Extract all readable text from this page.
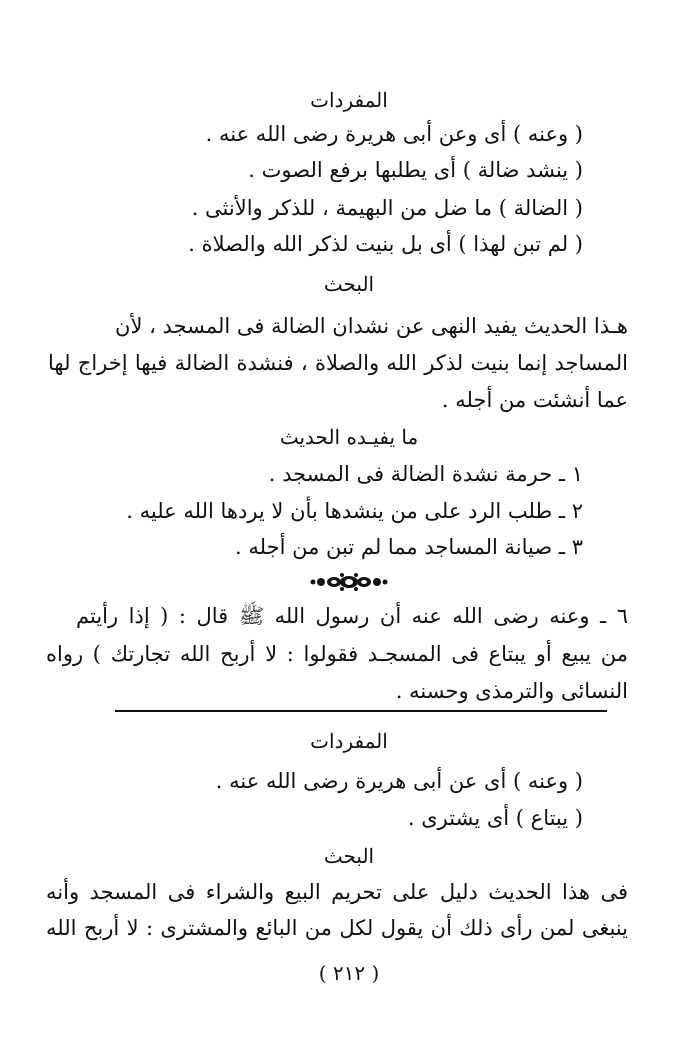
المفردات
( وعنه ) أى وعن أبى هريرة رضى الله عنه .
( ينشد ضالة ) أى يطلبها برفع الصوت .
( الضالة ) ما ضل من البهيمة ، للذكر والأنثى .
( لم تبن لهذا ) أى بل بنيت لذكر الله والصلاة .
البحث
هـذا الحديث يفيد النهى عن نشدان الضالة فى المسجد ، لأن
المساجد إنما بنيت لذكر الله والصلاة ، فنشدة الضالة فيها إخراج لها
عما أنشئت من أجله .
ما يفيـده الحديث
١ ـ حرمة نشدة الضالة فى المسجد .
٢ ـ طلب الرد على من ينشدها بأن لا يردها الله عليه .
٣ ـ صيانة المساجد مما لم تبن من أجله .
٦ ـ وعنه رضى الله عنه أن رسول الله ﷺ قال : ( إذا رأيتم
من يبيع أو يبتاع فى المسجـد فقولوا : لا أربح الله تجارتك ) رواه
النسائى والترمذى وحسنه .
المفردات
( وعنه ) أى عن أبى هريرة رضى الله عنه .
( يبتاع ) أى يشترى .
البحث
فى هذا الحديث دليل على تحريم البيع والشراء فى المسجد وأنه
ينبغى لمن رأى ذلك أن يقول لكل من البائع والمشترى : لا أربح الله
( ٢١٢ )
